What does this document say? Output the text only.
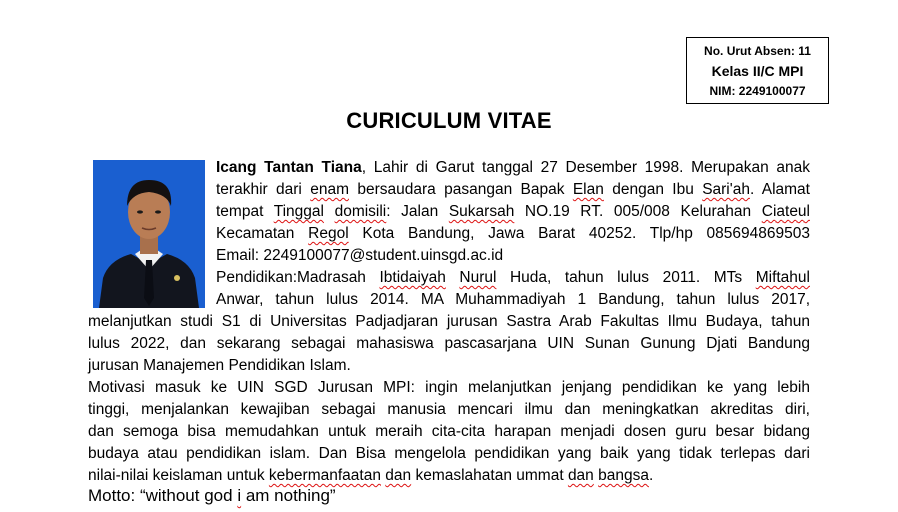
No. Urut Absen: 11
Kelas II/C MPI
NIM: 2249100077
CURICULUM VITAE
Icang Tantan Tiana, Lahir di Garut tanggal 27 Desember 1998. Merupakan anak
terakhir dari enam bersaudara pasangan Bapak Elan dengan Ibu Sari'ah. Alamat
tempat Tinggal domisili: Jalan Sukarsah NO.19 RT. 005/008 Kelurahan Ciateul
Kecamatan Regol Kota Bandung, Jawa Barat 40252. Tlp/hp 085694869503
Email: 2249100077@student.uinsgd.ac.id
Pendidikan:Madrasah Ibtidaiyah Nurul Huda, tahun lulus 2011. MTs Miftahul
Anwar, tahun lulus 2014. MA Muhammadiyah 1 Bandung, tahun lulus 2017,
melanjutkan studi S1 di Universitas Padjadjaran jurusan Sastra Arab Fakultas Ilmu Budaya, tahun
lulus 2022, dan sekarang sebagai mahasiswa pascasarjana UIN Sunan Gunung Djati Bandung
jurusan Manajemen Pendidikan Islam.
Motivasi masuk ke UIN SGD Jurusan MPI: ingin melanjutkan jenjang pendidikan ke yang lebih
tinggi, menjalankan kewajiban sebagai manusia mencari ilmu dan meningkatkan akreditas diri,
dan semoga bisa memudahkan untuk meraih cita-cita harapan menjadi dosen guru besar bidang
budaya atau pendidikan islam. Dan Bisa mengelola pendidikan yang baik yang tidak terlepas dari
nilai-nilai keislaman untuk kebermanfaatan dan kemaslahatan ummat dan bangsa.
Motto: “without god i am nothing”
